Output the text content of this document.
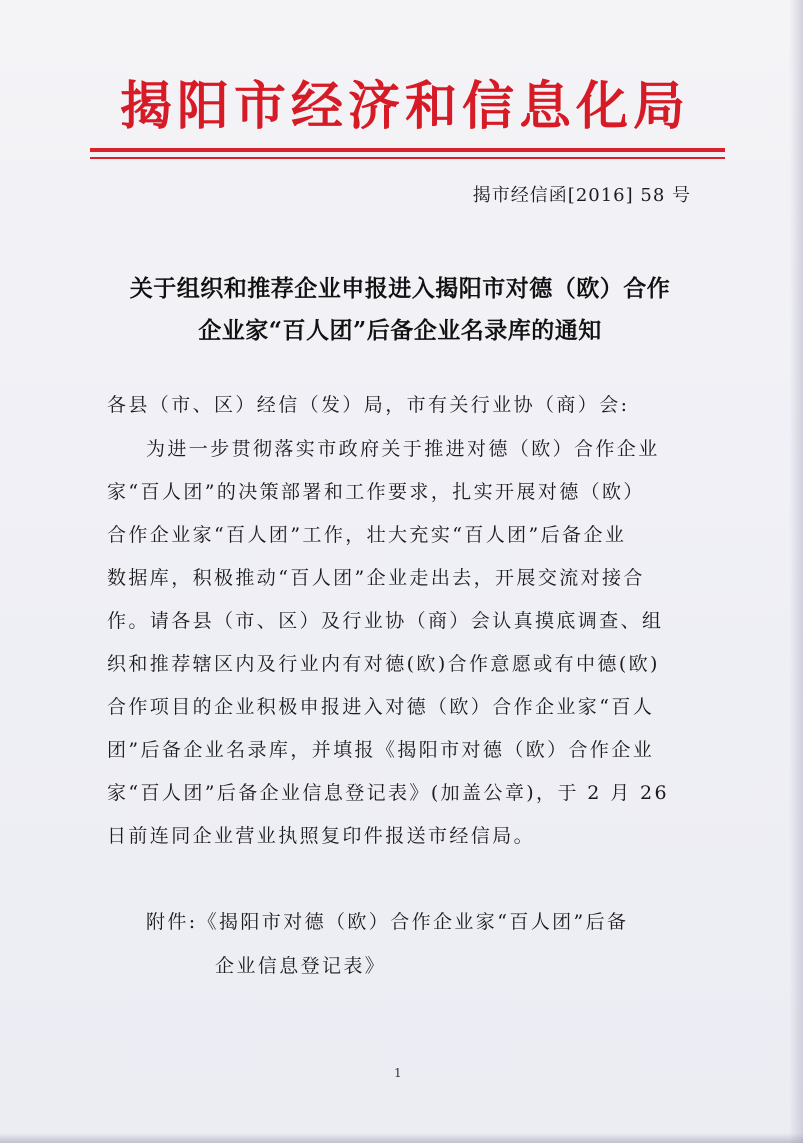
揭阳市经济和信息化局
揭市经信函[2016] 58 号
关于组织和推荐企业申报进入揭阳市对德（欧）合作
企业家“百人团”后备企业名录库的通知
各县（市、区）经信（发）局，市有关行业协（商）会:
为进一步贯彻落实市政府关于推进对德（欧）合作企业
家“百人团”的决策部署和工作要求，扎实开展对德（欧）
合作企业家“百人团”工作，壮大充实“百人团”后备企业
数据库，积极推动“百人团”企业走出去，开展交流对接合
作。请各县（市、区）及行业协（商）会认真摸底调查、组
织和推荐辖区内及行业内有对德(欧)合作意愿或有中德(欧)
合作项目的企业积极申报进入对德（欧）合作企业家“百人
团”后备企业名录库，并填报《揭阳市对德（欧）合作企业
家“百人团”后备企业信息登记表》(加盖公章)，于 2 月 26
日前连同企业营业执照复印件报送市经信局。
附件:《揭阳市对德（欧）合作企业家“百人团”后备
企业信息登记表》
1
